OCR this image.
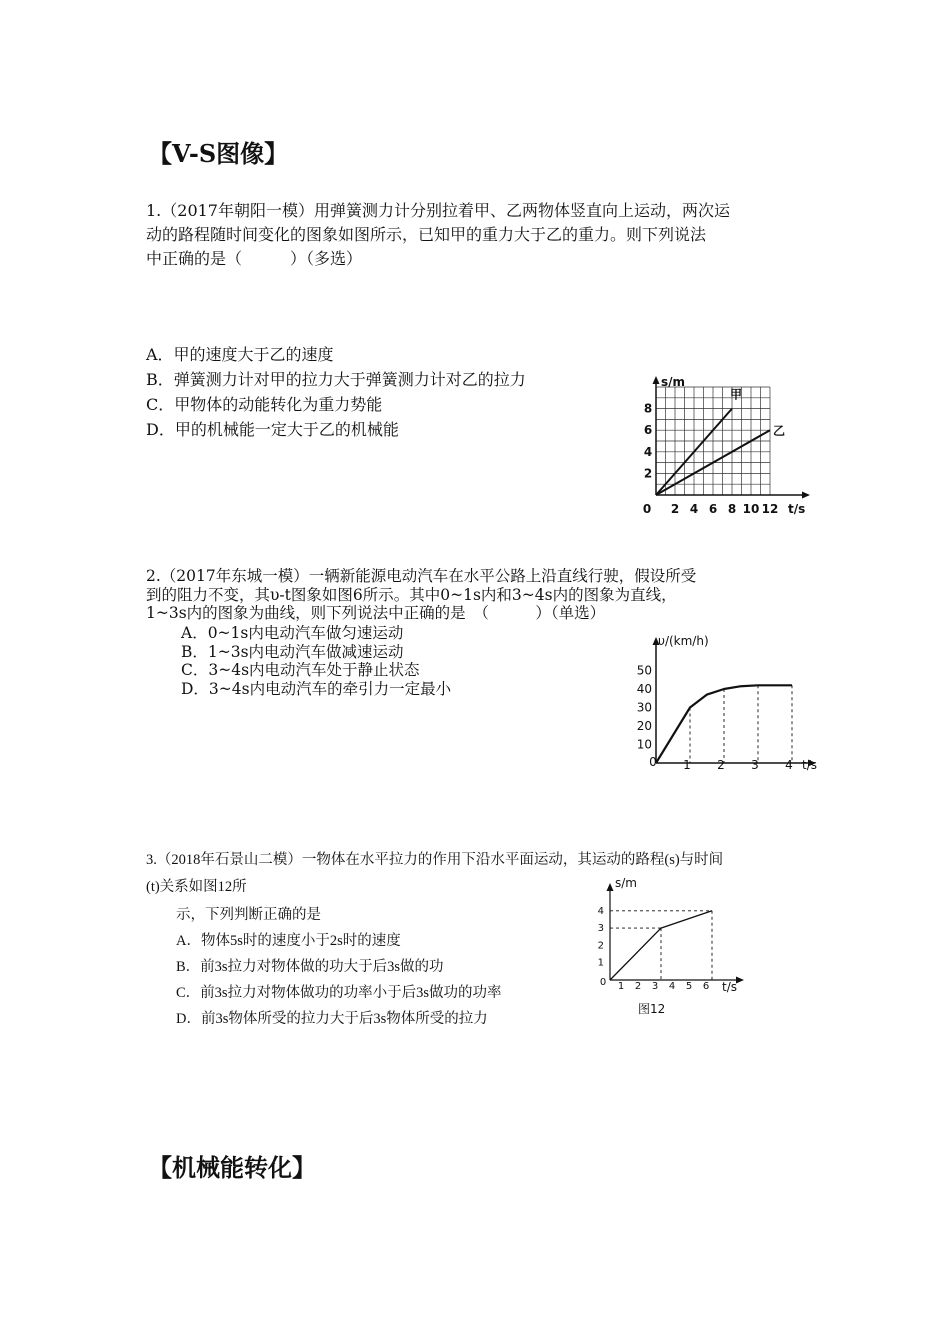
【V-S图像】
1.（2017年朝阳一模）用弹簧测力计分别拉着甲、乙两物体竖直向上运动，两次运
动的路程随时间变化的图象如图所示，已知甲的重力大于乙的重力。则下列说法
中正确的是（　　　）（多选）
A．甲的速度大于乙的速度
B．弹簧测力计对甲的拉力大于弹簧测力计对乙的拉力
C．甲物体的动能转化为重力势能
D．甲的机械能一定大于乙的机械能
s/m
t/s
0 2 4 6 8 10 12
2
4
6
8
甲
乙
2.（2017年东城一模）一辆新能源电动汽车在水平公路上沿直线行驶，假设所受
到的阻力不变，其υ-t图象如图6所示。其中0~1s内和3~4s内的图象为直线，
1~3s内的图象为曲线，则下列说法中正确的是　（　　　）（单选）
A．0~1s内电动汽车做匀速运动
B．1~3s内电动汽车做减速运动
C．3~4s内电动汽车处于静止状态
D．3~4s内电动汽车的牵引力一定最小
υ/(km/h)
t/s
10
20
30
40
50
0 1 2 3 4
3.（2018年石景山二模）一物体在水平拉力的作用下沿水平面运动，其运动的路程(s)与时间
(t)关系如图12所
示，下列判断正确的是
A．物体5s时的速度小于2s时的速度
B．前3s拉力对物体做的功大于后3s做的功
C．前3s拉力对物体做功的功率小于后3s做功的功率
D．前3s物体所受的拉力大于后3s物体所受的拉力
s/m
t/s
图12
1
2
3
4
0 1 2 3 4 5 6
【机械能转化】
